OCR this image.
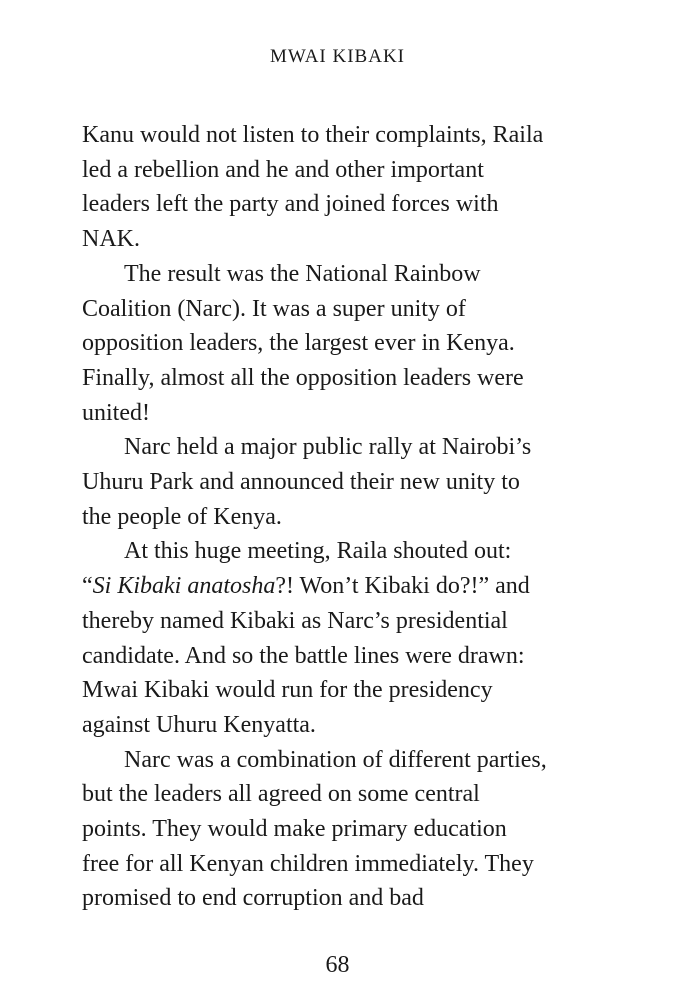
MWAI KIBAKI
Kanu would not listen to their complaints, Raila
led a rebellion and he and other important
leaders left the party and joined forces with
NAK.
The result was the National Rainbow
Coalition (Narc). It was a super unity of
opposition leaders, the largest ever in Kenya.
Finally, almost all the opposition leaders were
united!
Narc held a major public rally at Nairobi’s
Uhuru Park and announced their new unity to
the people of Kenya.
At this huge meeting, Raila shouted out:
“Si Kibaki anatosha?! Won’t Kibaki do?!” and
thereby named Kibaki as Narc’s presidential
candidate. And so the battle lines were drawn:
Mwai Kibaki would run for the presidency
against Uhuru Kenyatta.
Narc was a combination of different parties,
but the leaders all agreed on some central
points. They would make primary education
free for all Kenyan children immediately. They
promised to end corruption and bad
68
